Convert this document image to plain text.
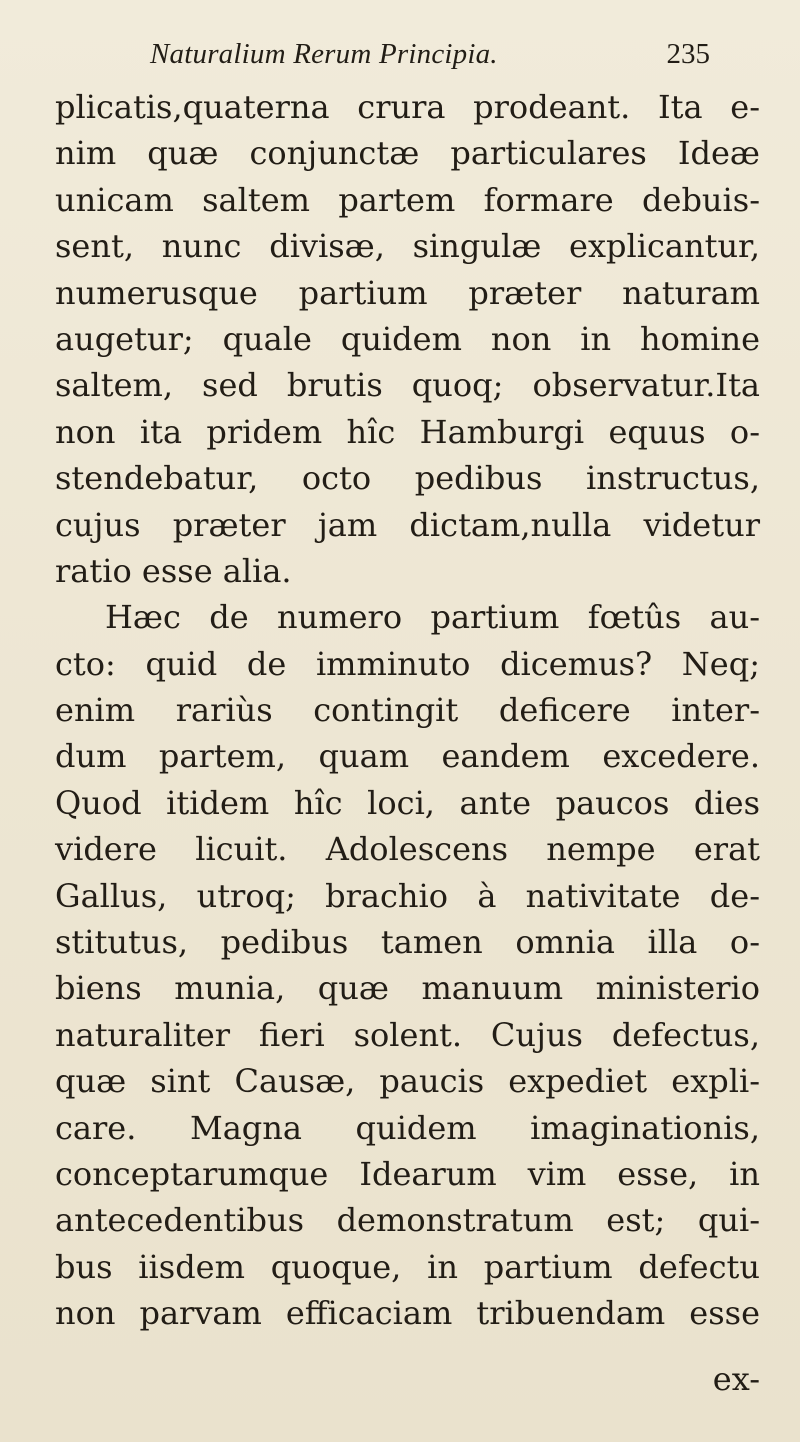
Naturalium Rerum Principia.	235
plicatis,quaterna crura prodeant. Ita e-
nim quæ conjunctæ particulares Ideæ
unicam saltem partem formare debuis-
sent, nunc divisæ, singulæ explicantur,
numerusque partium præter naturam
augetur; quale quidem non in homine
saltem, sed brutis quoq; observatur.Ita
non ita pridem hîc Hamburgi equus o-
stendebatur, octo pedibus instructus,
cujus præter jam dictam,nulla videtur
ratio esse alia.
Hæc de numero partium fœtûs au-
cto: quid de imminuto dicemus? Neq;
enim rariùs contingit deficere inter-
dum partem, quam eandem excedere.
Quod itidem hîc loci, ante paucos dies
videre licuit. Adolescens nempe erat
Gallus, utroq; brachio à nativitate de-
stitutus, pedibus tamen omnia illa o-
biens munia, quæ manuum ministerio
naturaliter fieri solent. Cujus defectus,
quæ sint Causæ, paucis expediet expli-
care. Magna quidem imaginationis,
conceptarumque Idearum vim esse, in
antecedentibus demonstratum est; qui-
bus iisdem quoque, in partium defectu
non parvam efficaciam tribuendam esse
ex-
